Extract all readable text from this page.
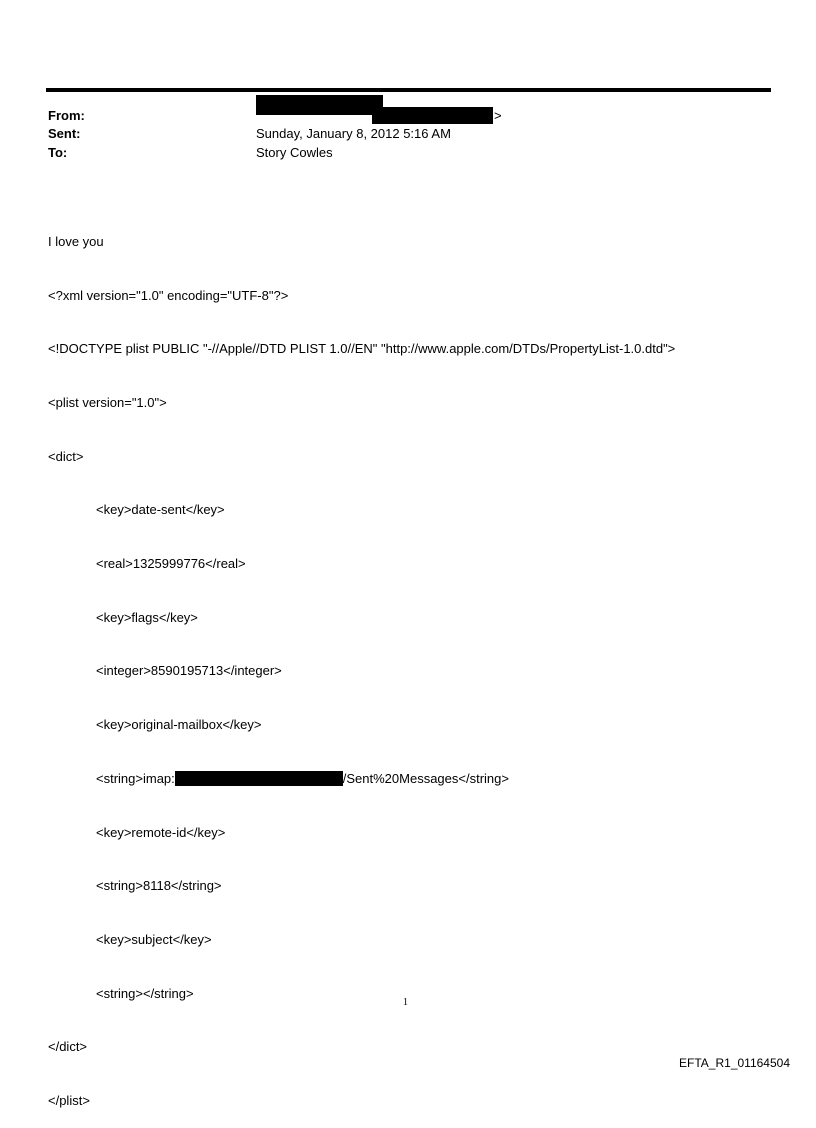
From:	>
Sent:	Sunday, January 8, 2012 5:16 AM
To:	Story Cowles

I love you

<?xml version="1.0" encoding="UTF-8"?>

<!DOCTYPE plist PUBLIC "-//Apple//DTD PLIST 1.0//EN" "http://www.apple.com/DTDs/PropertyList-1.0.dtd">

<plist version="1.0">

<dict>

<key>date-sent</key>

<real>1325999776</real>

<key>flags</key>

<integer>8590195713</integer>

<key>original-mailbox</key>

<string>imap:	/Sent%20Messages</string>

<key>remote-id</key>

<string>8118</string>

<key>subject</key>

<string></string>

</dict>

</plist>

1
EFTA_R1_01164504
